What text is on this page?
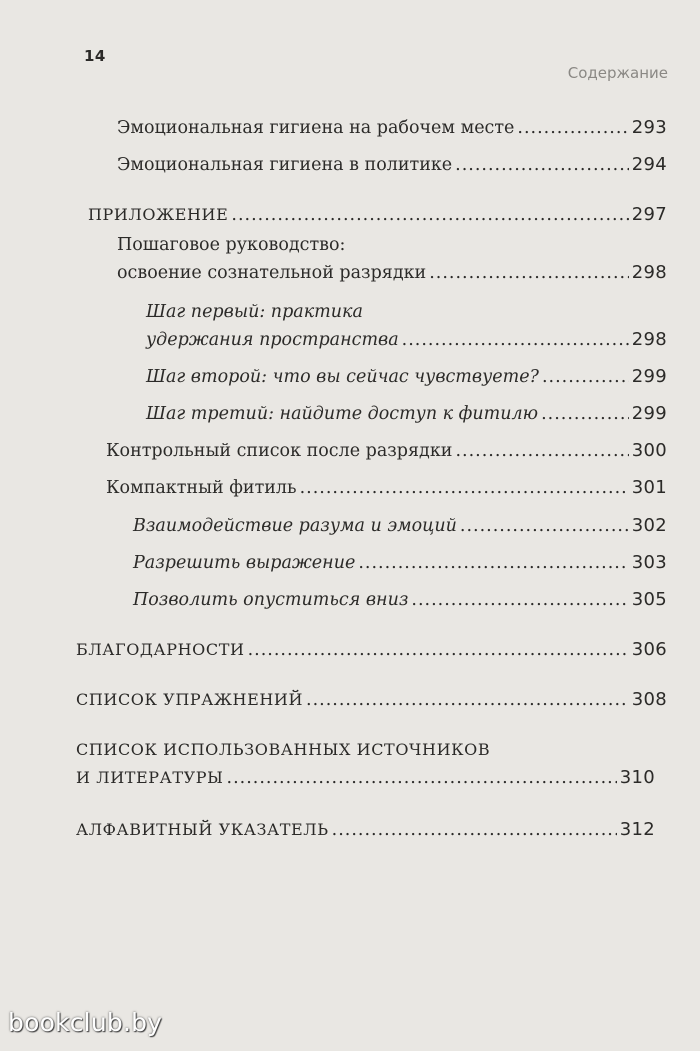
14
Содержание
Эмоциональная гигиена на рабочем месте .....	293
Эмоциональная гигиена в политике .....	294
ПРИЛОЖЕНИЕ .....	297
Пошаговое руководство:
освоение сознательной разрядки .....	298
Шаг первый: практика
удержания пространства .....	298
Шаг второй: что вы сейчас чувствуете? .....	299
Шаг третий: найдите доступ к фитилю .....	299
Контрольный список после разрядки .....	300
Компактный фитиль .....	301
Взаимодействие разума и эмоций .....	302
Разрешить выражение .....	303
Позволить опуститься вниз .....	305
БЛАГОДАРНОСТИ .....	306
СПИСОК УПРАЖНЕНИЙ .....	308
СПИСОК ИСПОЛЬЗОВАННЫХ ИСТОЧНИКОВ
И ЛИТЕРАТУРЫ .....	310
АЛФАВИТНЫЙ УКАЗАТЕЛЬ .....	312
bookclub.by
